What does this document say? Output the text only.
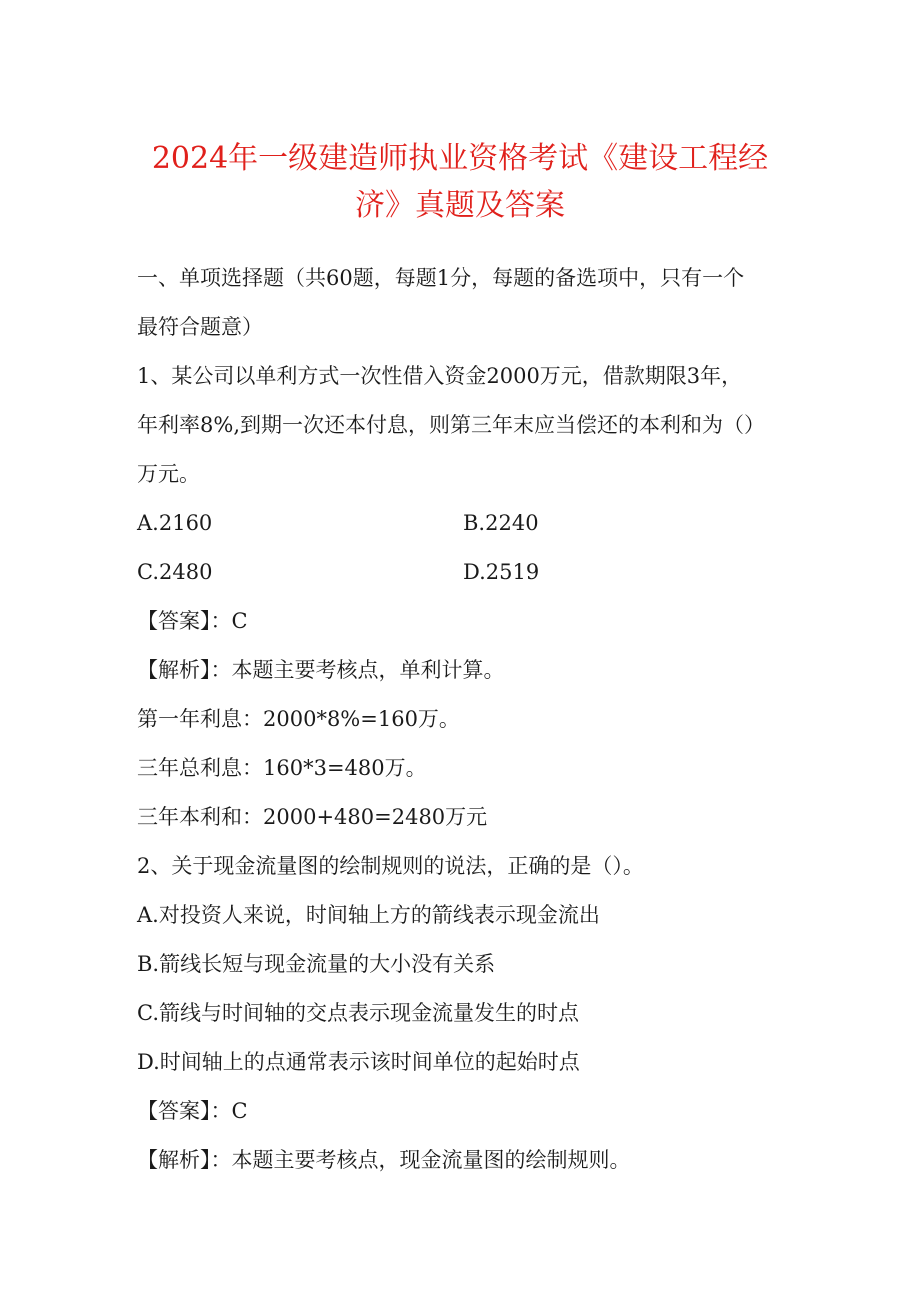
2024年一级建造师执业资格考试《建设工程经
济》真题及答案

一、单项选择题（共60题，每题1分，每题的备选项中，只有一个

最符合题意）

1、某公司以单利方式一次性借入资金2000万元，借款期限3年，

年利率8%,到期一次还本付息，则第三年末应当偿还的本利和为（）

万元。

A.2160	B.2240

C.2480	D.2519

【答案】：C

【解析】：本题主要考核点，单利计算。

第一年利息：2000*8%=160万。

三年总利息：160*3=480万。

三年本利和：2000+480=2480万元

2、关于现金流量图的绘制规则的说法，正确的是（）。

A.对投资人来说，时间轴上方的箭线表示现金流出

B.箭线长短与现金流量的大小没有关系

C.箭线与时间轴的交点表示现金流量发生的时点

D.时间轴上的点通常表示该时间单位的起始时点

【答案】：C

【解析】：本题主要考核点，现金流量图的绘制规则。
